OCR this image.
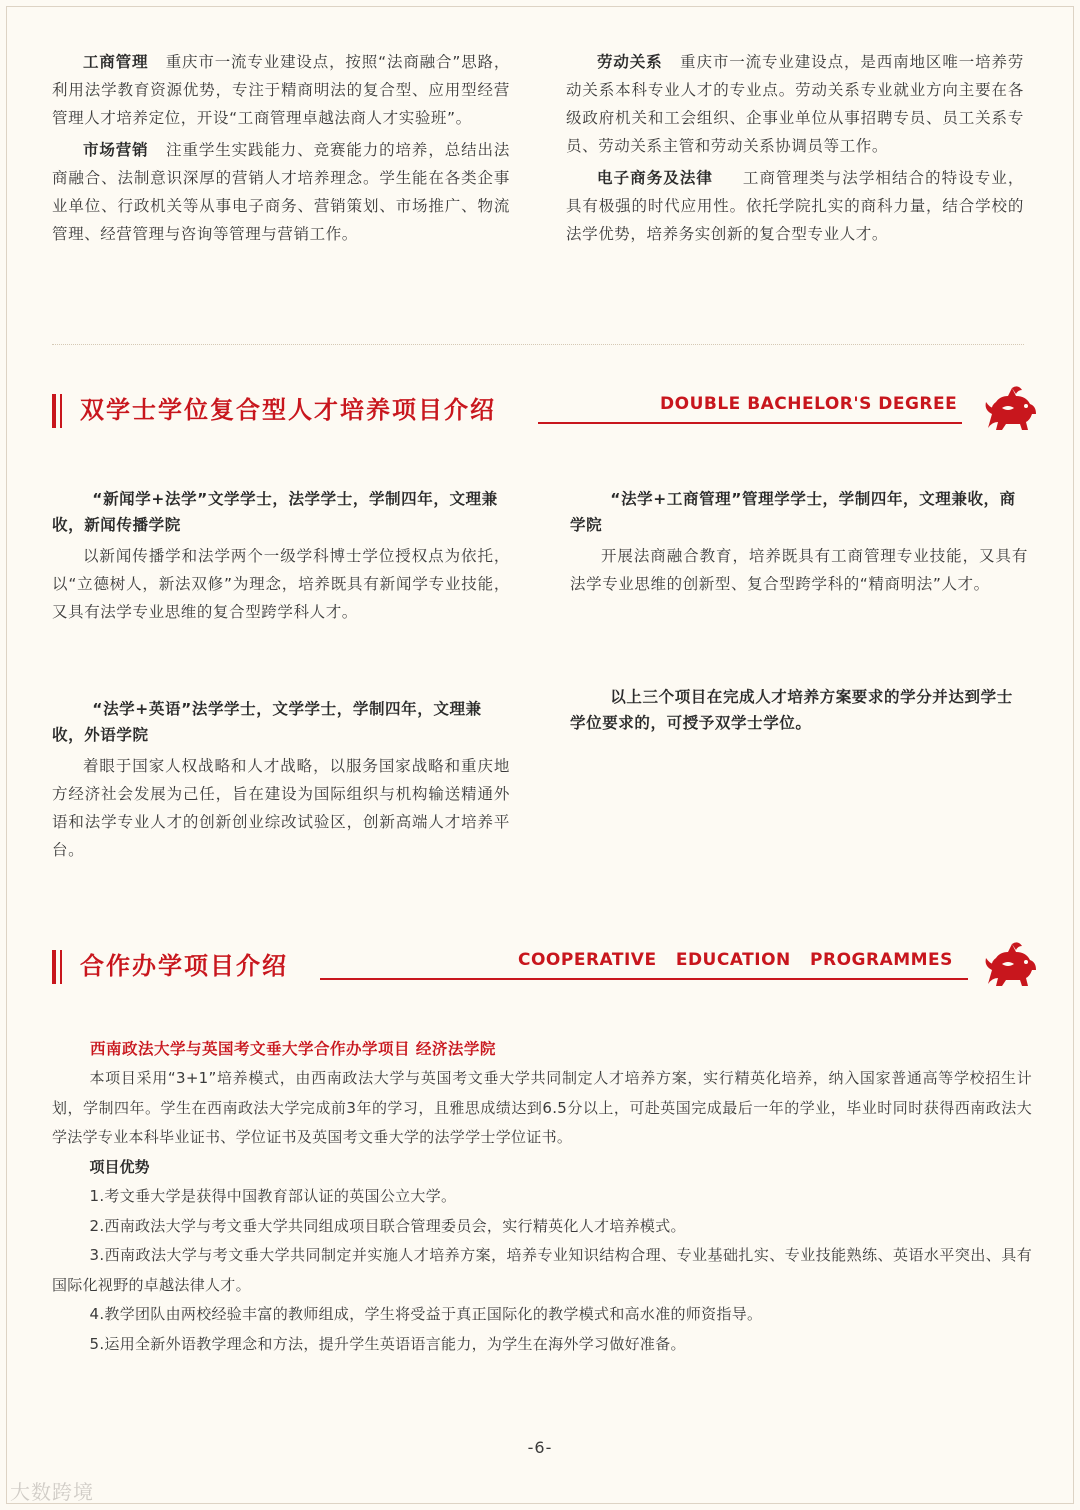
工商管理 重庆市一流专业建设点，按照“法商融合”思路，利用法学教育资源优势，专注于精商明法的复合型、应用型经营管理人才培养定位，开设“工商管理卓越法商人才实验班”。

市场营销 注重学生实践能力、竞赛能力的培养，总结出法商融合、法制意识深厚的营销人才培养理念。学生能在各类企事业单位、行政机关等从事电子商务、营销策划、市场推广、物流管理、经营管理与咨询等管理与营销工作。

劳动关系 重庆市一流专业建设点，是西南地区唯一培养劳动关系本科专业人才的专业点。劳动关系专业就业方向主要在各级政府机关和工会组织、企事业单位从事招聘专员、员工关系专员、劳动关系主管和劳动关系协调员等工作。

电子商务及法律 工商管理类与法学相结合的特设专业，具有极强的时代应用性。依托学院扎实的商科力量，结合学校的法学优势，培养务实创新的复合型专业人才。

双学士学位复合型人才培养项目介绍	DOUBLE BACHELOR'S DEGREE

“新闻学+法学”文学学士，法学学士，学制四年，文理兼收，新闻传播学院

以新闻传播学和法学两个一级学科博士学位授权点为依托，以“立德树人，新法双修”为理念，培养既具有新闻学专业技能，又具有法学专业思维的复合型跨学科人才。

“法学+工商管理”管理学学士，学制四年，文理兼收，商学院

开展法商融合教育，培养既具有工商管理专业技能，又具有法学专业思维的创新型、复合型跨学科的“精商明法”人才。

“法学+英语”法学学士，文学学士，学制四年，文理兼收，外语学院

着眼于国家人权战略和人才战略，以服务国家战略和重庆地方经济社会发展为己任，旨在建设为国际组织与机构输送精通外语和法学专业人才的创新创业综改试验区，创新高端人才培养平台。

以上三个项目在完成人才培养方案要求的学分并达到学士学位要求的，可授予双学士学位。

合作办学项目介绍	COOPERATIVE   EDUCATION   PROGRAMMES
西南政法大学与英国考文垂大学合作办学项目 经济法学院

本项目采用“3+1”培养模式，由西南政法大学与英国考文垂大学共同制定人才培养方案，实行精英化培养，纳入国家普通高等学校招生计划，学制四年。学生在西南政法大学完成前3年的学习，且雅思成绩达到6.5分以上，可赴英国完成最后一年的学业，毕业时同时获得西南政法大学法学专业本科毕业证书、学位证书及英国考文垂大学的法学学士学位证书。

项目优势

1.考文垂大学是获得中国教育部认证的英国公立大学。

2.西南政法大学与考文垂大学共同组成项目联合管理委员会，实行精英化人才培养模式。

3.西南政法大学与考文垂大学共同制定并实施人才培养方案，培养专业知识结构合理、专业基础扎实、专业技能熟练、英语水平突出、具有国际化视野的卓越法律人才。

4.教学团队由两校经验丰富的教师组成，学生将受益于真正国际化的教学模式和高水准的师资指导。

5.运用全新外语教学理念和方法，提升学生英语语言能力，为学生在海外学习做好准备。

-6-
大数跨境
